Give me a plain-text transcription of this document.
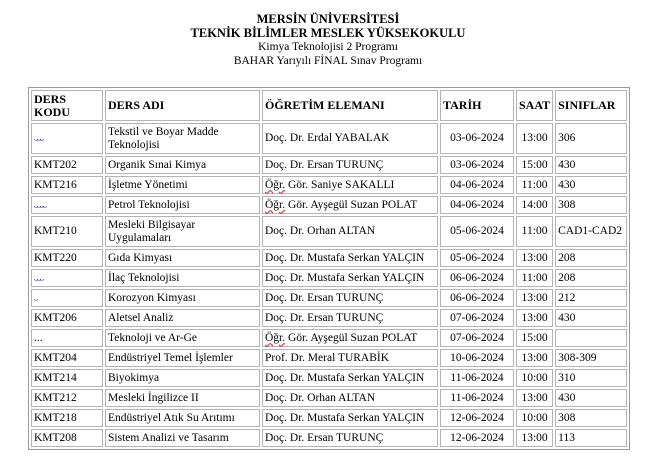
MERSİN ÜNİVERSİTESİ
TEKNİK BİLİMLER MESLEK YÜKSEKOKULU
Kimya Teknolojisi 2 Programı
BAHAR Yarıyılı FİNAL Sınav Programı
DERS KODU	DERS ADI	ÖĞRETİM ELEMANI	TARİH	SAAT	SINIFLAR
ᴗᴗᴗ	Tekstil ve Boyar Madde Teknolojisi	Doç. Dr. Erdal YABALAK	03-06-2024	13:00	306
KMT202	Organik Sınai Kimya	Doç. Dr. Ersan TURUNÇ	03-06-2024	15:00	430
KMT216	İşletme Yönetimi	Öğr. Gör. Saniye SAKALLI	04-06-2024	11:00	430
ᴗᴗᴗᴗ	Petrol Teknolojisi	Öğr. Gör. Ayşegül Suzan POLAT	04-06-2024	14:00	308
KMT210	Mesleki Bilgisayar Uygulamaları	Doç. Dr. Orhan ALTAN	05-06-2024	11:00	CAD1-CAD2
KMT220	Gıda Kimyası	Doç. Dr. Mustafa Serkan YALÇIN	05-06-2024	13:00	208
ᴗᴗᴗ	İlaç Teknolojisi	Doç. Dr. Mustafa Serkan YALÇIN	06-06-2024	11:00	208
ᴗ	Korozyon Kimyası	Doç. Dr. Ersan TURUNÇ	06-06-2024	13:00	212
KMT206	Aletsel Analiz	Doç. Dr. Ersan TURUNÇ	07-06-2024	13:00	430
...	Teknoloji ve Ar-Ge	Öğr. Gör. Ayşegül Suzan POLAT	07-06-2024	15:00	
KMT204	Endüstriyel Temel İşlemler	Prof. Dr. Meral TURABİK	10-06-2024	13:00	308-309
KMT214	Biyokimya	Doç. Dr. Mustafa Serkan YALÇIN	11-06-2024	10:00	310
KMT212	Mesleki İngilizce II	Doç. Dr. Orhan ALTAN	11-06-2024	13:00	430
KMT218	Endüstriyel Atık Su Arıtımı	Doç. Dr. Mustafa Serkan YALÇIN	12-06-2024	10:00	308
KMT208	Sistem Analizi ve Tasarım	Doç. Dr. Ersan TURUNÇ	12-06-2024	13:00	113
